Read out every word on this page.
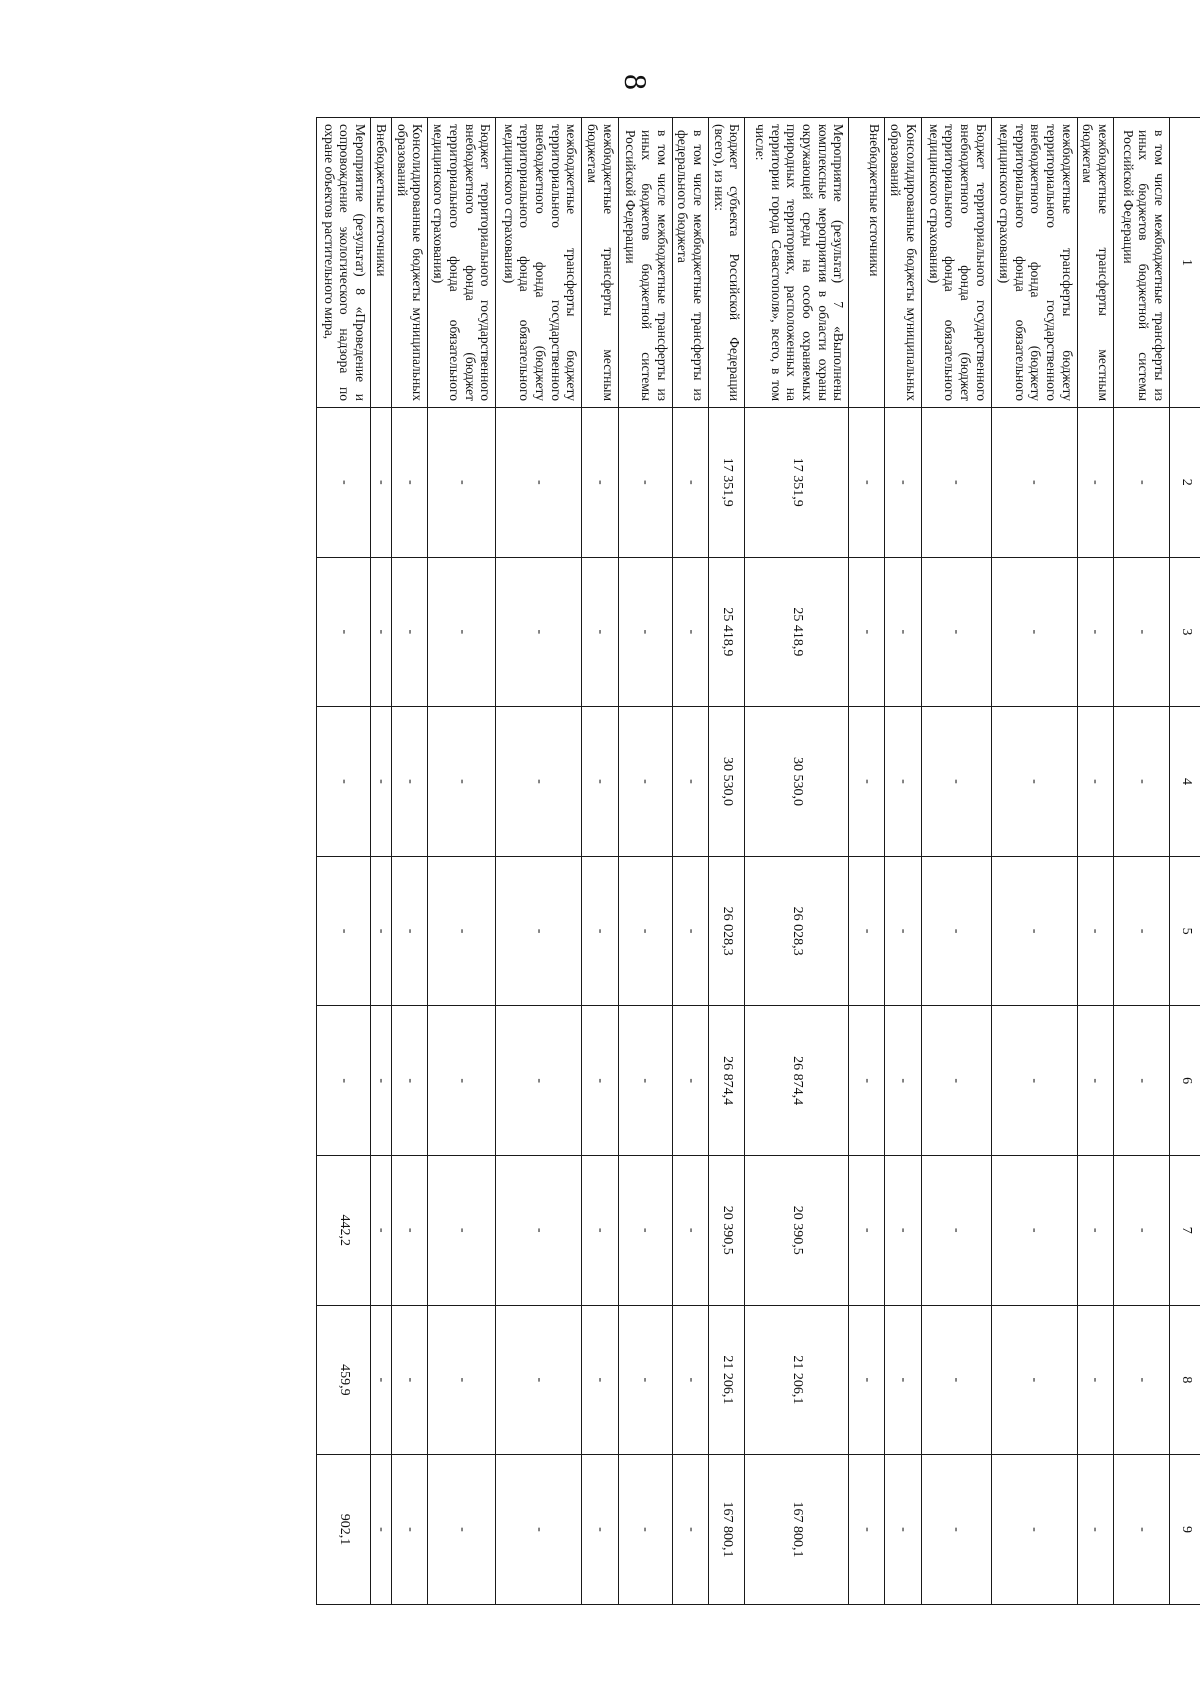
8
1	2	3	4	5	6	7	8	9
в том числе межбюджетные трансферты из иных бюджетов бюджетной системы Российской Федерации	-	-	-	-	-	-	-	-
межбюджетные трансферты местным бюджетам	-	-	-	-	-	-	-	-
межбюджетные трансферты бюджету территориального государственного внебюджетного фонда (бюджету территориального фонда обязательного медицинского страхования)	-	-	-	-	-	-	-	-
Бюджет территориального государственного внебюджетного фонда (бюджет территориального фонда обязательного медицинского страхования)	-	-	-	-	-	-	-	-
Консолидированные бюджеты муниципальных образований	-	-	-	-	-	-	-	-
Внебюджетные источники	-	-	-	-	-	-	-	-
Мероприятие (результат) 7 «Выполнены комплексные мероприятия в области охраны окружающей среды на особо охраняемых природных территориях, расположенных на территории города Севастополя», всего, в том числе:	17 351,9	25 418,9	30 530,0	26 028,3	26 874,4	20 390,5	21 206,1	167 800,1
Бюджет субъекта Российской Федерации (всего), из них:	17 351,9	25 418,9	30 530,0	26 028,3	26 874,4	20 390,5	21 206,1	167 800,1
в том числе межбюджетные трансферты из федерального бюджета	-	-	-	-	-	-	-	-
в том числе межбюджетные трансферты из иных бюджетов бюджетной системы Российской Федерации	-	-	-	-	-	-	-	-
межбюджетные трансферты местным бюджетам	-	-	-	-	-	-	-	-
межбюджетные трансферты бюджету территориального государственного внебюджетного фонда (бюджету территориального фонда обязательного медицинского страхования)	-	-	-	-	-	-	-	-
Бюджет территориального государственного внебюджетного фонда (бюджет территориального фонда обязательного медицинского страхования)	-	-	-	-	-	-	-	-
Консолидированные бюджеты муниципальных образований	-	-	-	-	-	-	-	-
Внебюджетные источники	-	-	-	-	-	-	-	-
Мероприятие (результат) 8 «Проведение и сопровождение экологического надзора по охране объектов растительного мира,	-	-	-	-	-	442,2	459,9	902,1
